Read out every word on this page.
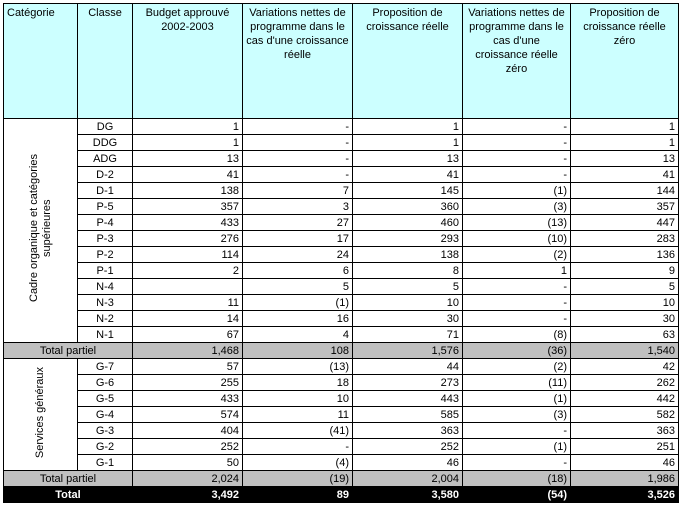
Catégorie	Classe	Budget approuvé 2002-2003	Variations nettes de programme dans le cas d'une croissance réelle	Proposition de croissance réelle	Variations nettes de programme dans le cas d'une croissance réelle zéro	Proposition de croissance réelle zéro
Cadre organique et catégories supérieures	DG	1	-	1	-	1
	DDG	1	-	1	-	1
	ADG	13	-	13	-	13
	D-2	41	-	41	-	41
	D-1	138	7	145	(1)	144
	P-5	357	3	360	(3)	357
	P-4	433	27	460	(13)	447
	P-3	276	17	293	(10)	283
	P-2	114	24	138	(2)	136
	P-1	2	6	8	1	9
	N-4		5	5	-	5
	N-3	11	(1)	10	-	10
	N-2	14	16	30	-	30
	N-1	67	4	71	(8)	63
Total partiel		1,468	108	1,576	(36)	1,540
Services généraux	G-7	57	(13)	44	(2)	42
	G-6	255	18	273	(11)	262
	G-5	433	10	443	(1)	442
	G-4	574	11	585	(3)	582
	G-3	404	(41)	363	-	363
	G-2	252	-	252	(1)	251
	G-1	50	(4)	46	-	46
Total partiel		2,024	(19)	2,004	(18)	1,986
Total		3,492	89	3,580	(54)	3,526
